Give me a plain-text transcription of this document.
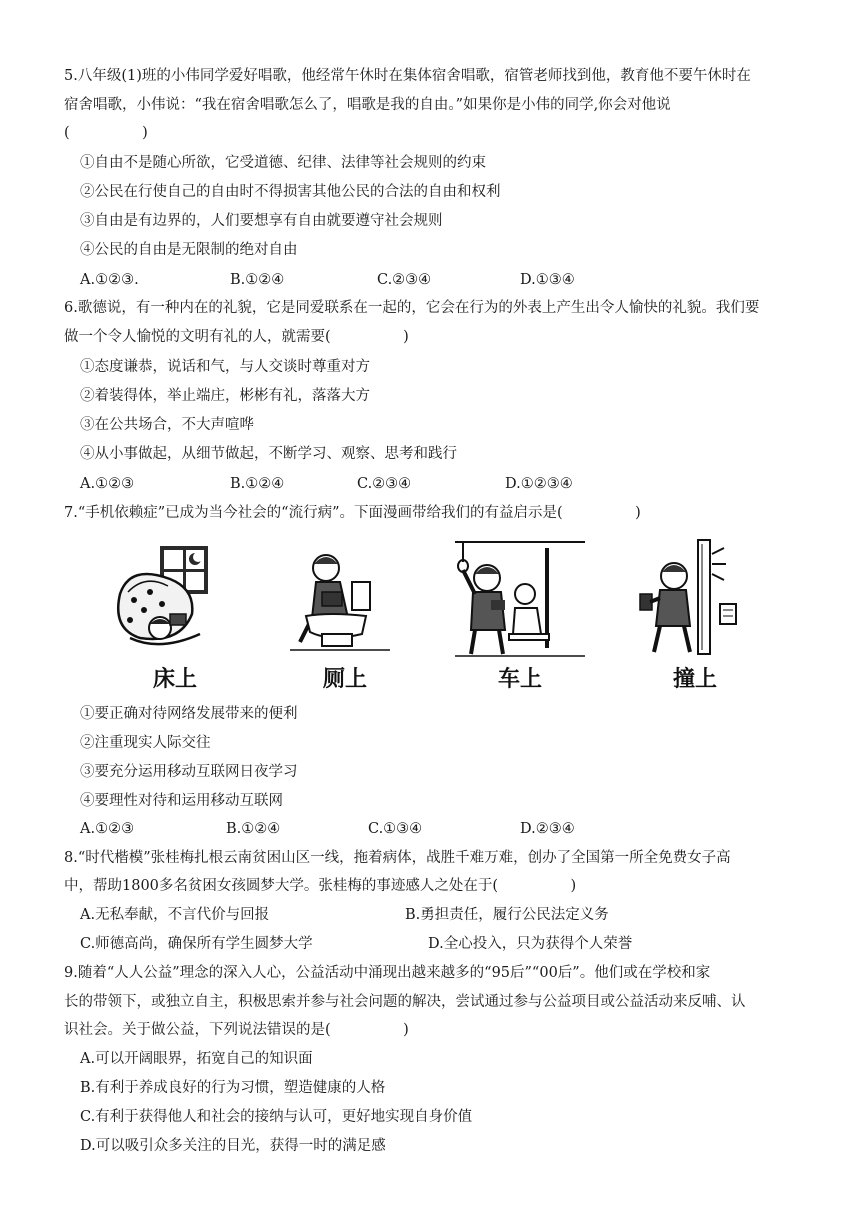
5.八年级(1)班的小伟同学爱好唱歌，他经常午休时在集体宿舍唱歌，宿管老师找到他，教育他不要午休时在
宿舍唱歌，小伟说：“我在宿舍唱歌怎么了，唱歌是我的自由。”如果你是小伟的同学,你会对他说
(　　　　　)
①自由不是随心所欲，它受道德、纪律、法律等社会规则的约束
②公民在行使自己的自由时不得损害其他公民的合法的自由和权利
③自由是有边界的，人们要想享有自由就要遵守社会规则
④公民的自由是无限制的绝对自由
A.①②③.	B.①②④	C.②③④	D.①③④
6.歌德说，有一种内在的礼貌，它是同爱联系在一起的，它会在行为的外表上产生出令人愉快的礼貌。我们要
做一个令人愉悦的文明有礼的人，就需要(　　　　　)
①态度谦恭，说话和气，与人交谈时尊重对方
②着装得体，举止端庄，彬彬有礼，落落大方
③在公共场合，不大声喧哗
④从小事做起，从细节做起，不断学习、观察、思考和践行
A.①②③	B.①②④	C.②③④	D.①②③④
7.“手机依赖症”已成为当今社会的“流行病”。下面漫画带给我们的有益启示是(　　　　　)
床上	厕上	车上	撞上
①要正确对待网络发展带来的便利
②注重现实人际交往
③要充分运用移动互联网日夜学习
④要理性对待和运用移动互联网
A.①②③	B.①②④	C.①③④	D.②③④
8.“时代楷模”张桂梅扎根云南贫困山区一线，拖着病体，战胜千难万难，创办了全国第一所全免费女子高
中，帮助1800多名贫困女孩圆梦大学。张桂梅的事迹感人之处在于(　　　　　)
A.无私奉献，不言代价与回报	B.勇担责任，履行公民法定义务
C.师德高尚，确保所有学生圆梦大学	D.全心投入，只为获得个人荣誉
9.随着“人人公益”理念的深入人心，公益活动中涌现出越来越多的“95后”“00后”。他们或在学校和家
长的带领下，或独立自主，积极思索并参与社会问题的解决，尝试通过参与公益项目或公益活动来反哺、认
识社会。关于做公益，下列说法错误的是(　　　　　)
A.可以开阔眼界，拓宽自己的知识面
B.有利于养成良好的行为习惯，塑造健康的人格
C.有利于获得他人和社会的接纳与认可，更好地实现自身价值
D.可以吸引众多关注的目光，获得一时的满足感
